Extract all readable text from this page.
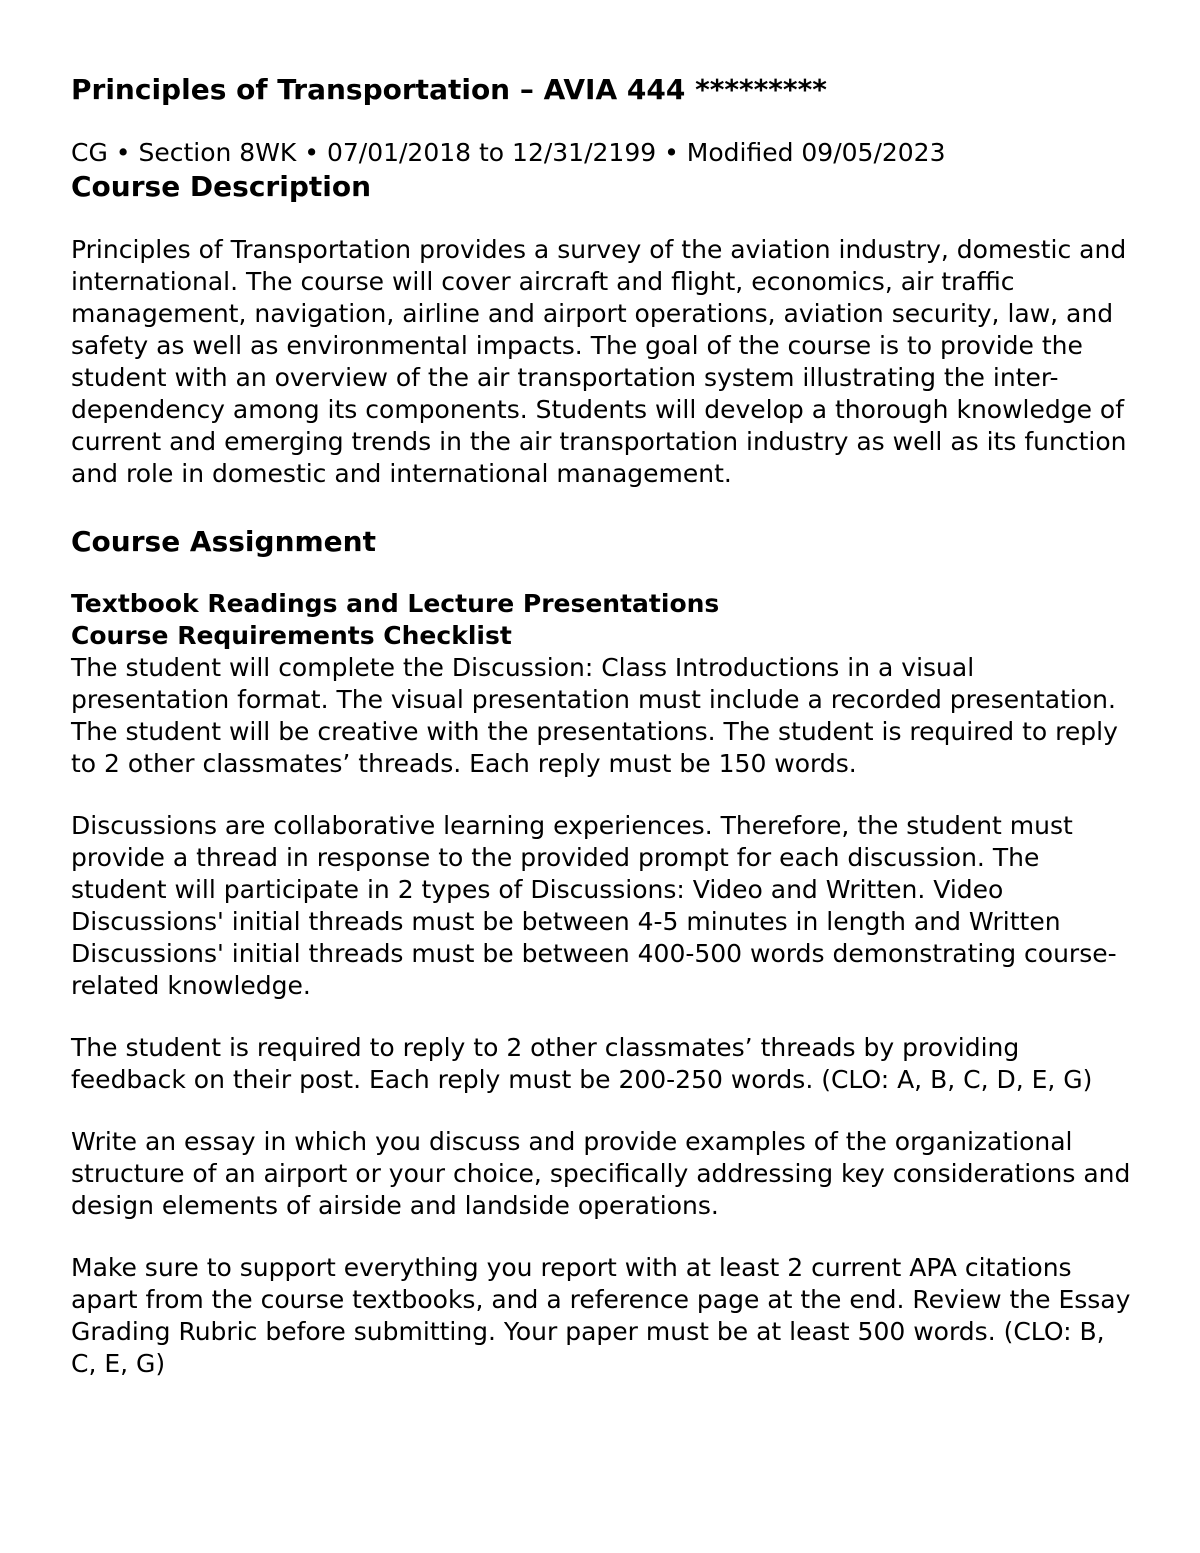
Principles of Transportation – AVIA 444 *********

CG • Section 8WK • 07/01/2018 to 12/31/2199 • Modified 09/05/2023

Course Description

Principles of Transportation provides a survey of the aviation industry, domestic and international. The course will cover aircraft and flight, economics, air traffic management, navigation, airline and airport operations, aviation security, law, and safety as well as environmental impacts. The goal of the course is to provide the student with an overview of the air transportation system illustrating the inter-dependency among its components. Students will develop a thorough knowledge of current and emerging trends in the air transportation industry as well as its function and role in domestic and international management.

Course Assignment
Textbook Readings and Lecture Presentations
Course Requirements Checklist

The student will complete the Discussion: Class Introductions in a visual presentation format. The visual presentation must include a recorded presentation. The student will be creative with the presentations. The student is required to reply to 2 other classmates’ threads. Each reply must be 150 words.

Discussions are collaborative learning experiences. Therefore, the student must provide a thread in response to the provided prompt for each discussion. The student will participate in 2 types of Discussions: Video and Written. Video Discussions' initial threads must be between 4-5 minutes in length and Written Discussions' initial threads must be between 400-500 words demonstrating course-related knowledge.

The student is required to reply to 2 other classmates’ threads by providing feedback on their post. Each reply must be 200-250 words. (CLO: A, B, C, D, E, G)

Write an essay in which you discuss and provide examples of the organizational structure of an airport or your choice, specifically addressing key considerations and design elements of airside and landside operations.

Make sure to support everything you report with at least 2 current APA citations apart from the course textbooks, and a reference page at the end. Review the Essay Grading Rubric before submitting. Your paper must be at least 500 words. (CLO: B, C, E, G)
